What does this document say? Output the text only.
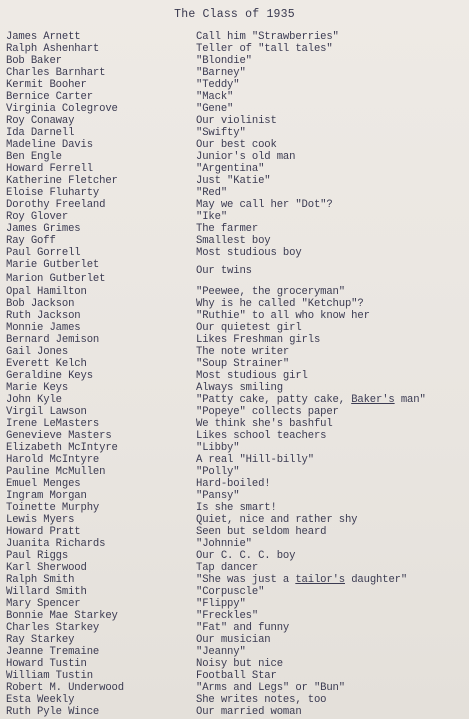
The Class of 1935
James Arnett	Call him "Strawberries"
Ralph Ashenhart	Teller of "tall tales"
Bob Baker	"Blondie"
Charles Barnhart	"Barney"
Kermit Booher	"Teddy"
Bernice Carter	"Mack"
Virginia Colegrove	"Gene"
Roy Conaway	Our violinist
Ida Darnell	"Swifty"
Madeline Davis	Our best cook
Ben Engle	Junior's old man
Howard Ferrell	"Argentina"
Katherine Fletcher	Just "Katie"
Eloise Fluharty	"Red"
Dorothy Freeland	May we call her "Dot"?
Roy Glover	"Ike"
James Grimes	The farmer
Ray Goff	Smallest boy
Paul Gorrell	Most studious boy
Marie Gutberlet	Our twins
Marion Gutberlet
Opal Hamilton	"Peewee, the groceryman"
Bob Jackson	Why is he called "Ketchup"?
Ruth Jackson	"Ruthie" to all who know her
Monnie James	Our quietest girl
Bernard Jemison	Likes Freshman girls
Gail Jones	The note writer
Everett Kelch	"Soup Strainer"
Geraldine Keys	Most studious girl
Marie Keys	Always smiling
John Kyle	"Patty cake, patty cake, Baker's man"
Virgil Lawson	"Popeye" collects paper
Irene LeMasters	We think she's bashful
Genevieve Masters	Likes school teachers
Elizabeth McIntyre	"Libby"
Harold McIntyre	A real "Hill-billy"
Pauline McMullen	"Polly"
Emuel Menges	Hard-boiled!
Ingram Morgan	"Pansy"
Toinette Murphy	Is she smart!
Lewis Myers	Quiet, nice and rather shy
Howard Pratt	Seen but seldom heard
Juanita Richards	"Johnnie"
Paul Riggs	Our C. C. C. boy
Karl Sherwood	Tap dancer
Ralph Smith	"She was just a tailor's daughter"
Willard Smith	"Corpuscle"
Mary Spencer	"Flippy"
Bonnie Mae Starkey	"Freckles"
Charles Starkey	"Fat" and funny
Ray Starkey	Our musician
Jeanne Tremaine	"Jeanny"
Howard Tustin	Noisy but nice
William Tustin	Football Star
Robert M. Underwood	"Arms and Legs" or "Bun"
Esta Weekly	She writes notes, too
Ruth Pyle Wince	Our married woman
